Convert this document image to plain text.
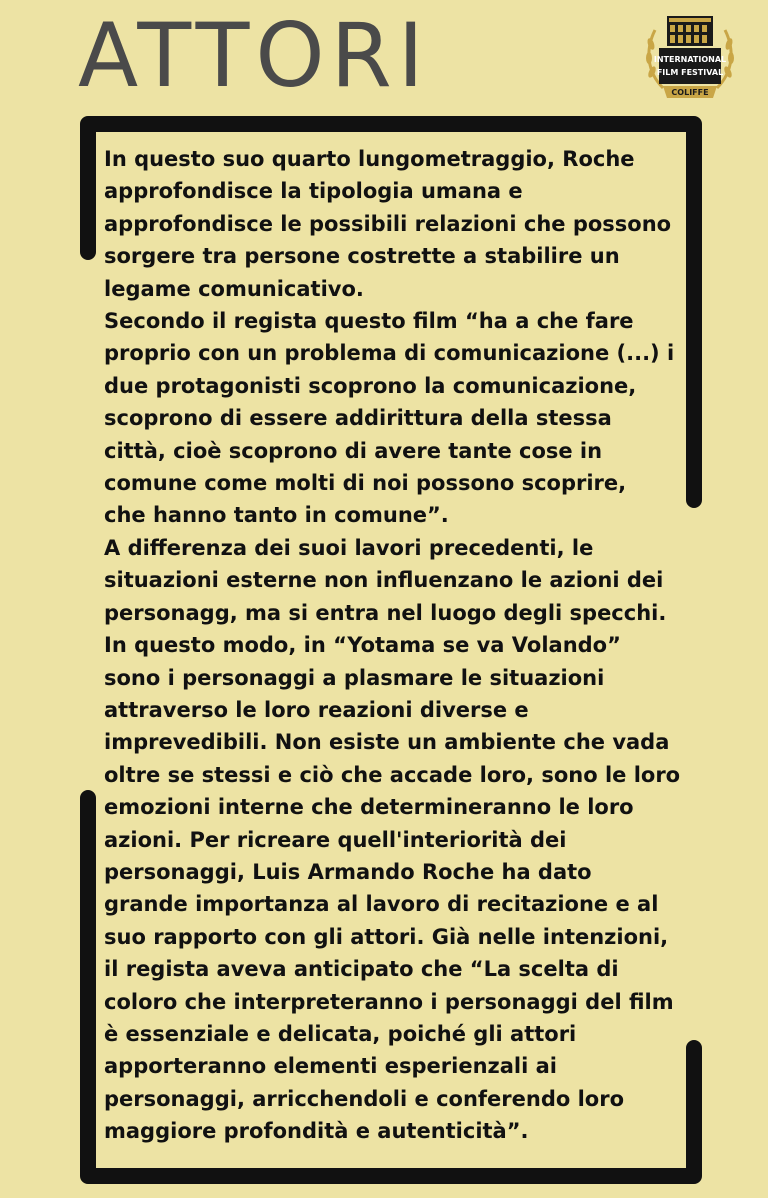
ATTORI	INTERNATIONAL
FILM FESTIVAL
COLIFFE
In questo suo quarto lungometraggio, Roche
approfondisce la tipologia umana e
approfondisce le possibili relazioni che possono
sorgere tra persone costrette a stabilire un
legame comunicativo.
Secondo il regista questo film “ha a che fare
proprio con un problema di comunicazione (...) i
due protagonisti scoprono la comunicazione,
scoprono di essere addirittura della stessa
città, cioè scoprono di avere tante cose in
comune come molti di noi possono scoprire,
che hanno tanto in comune”.
A differenza dei suoi lavori precedenti, le
situazioni esterne non influenzano le azioni dei
personagg, ma si entra nel luogo degli specchi.
In questo modo, in “Yotama se va Volando”
sono i personaggi a plasmare le situazioni
attraverso le loro reazioni diverse e
imprevedibili. Non esiste un ambiente che vada
oltre se stessi e ciò che accade loro, sono le loro
emozioni interne che determineranno le loro
azioni. Per ricreare quell'interiorità dei
personaggi, Luis Armando Roche ha dato
grande importanza al lavoro di recitazione e al
suo rapporto con gli attori. Già nelle intenzioni,
il regista aveva anticipato che “La scelta di
coloro che interpreteranno i personaggi del film
è essenziale e delicata, poiché gli attori
apporteranno elementi esperienzali ai
personaggi, arricchendoli e conferendo loro
maggiore profondità e autenticità”.
